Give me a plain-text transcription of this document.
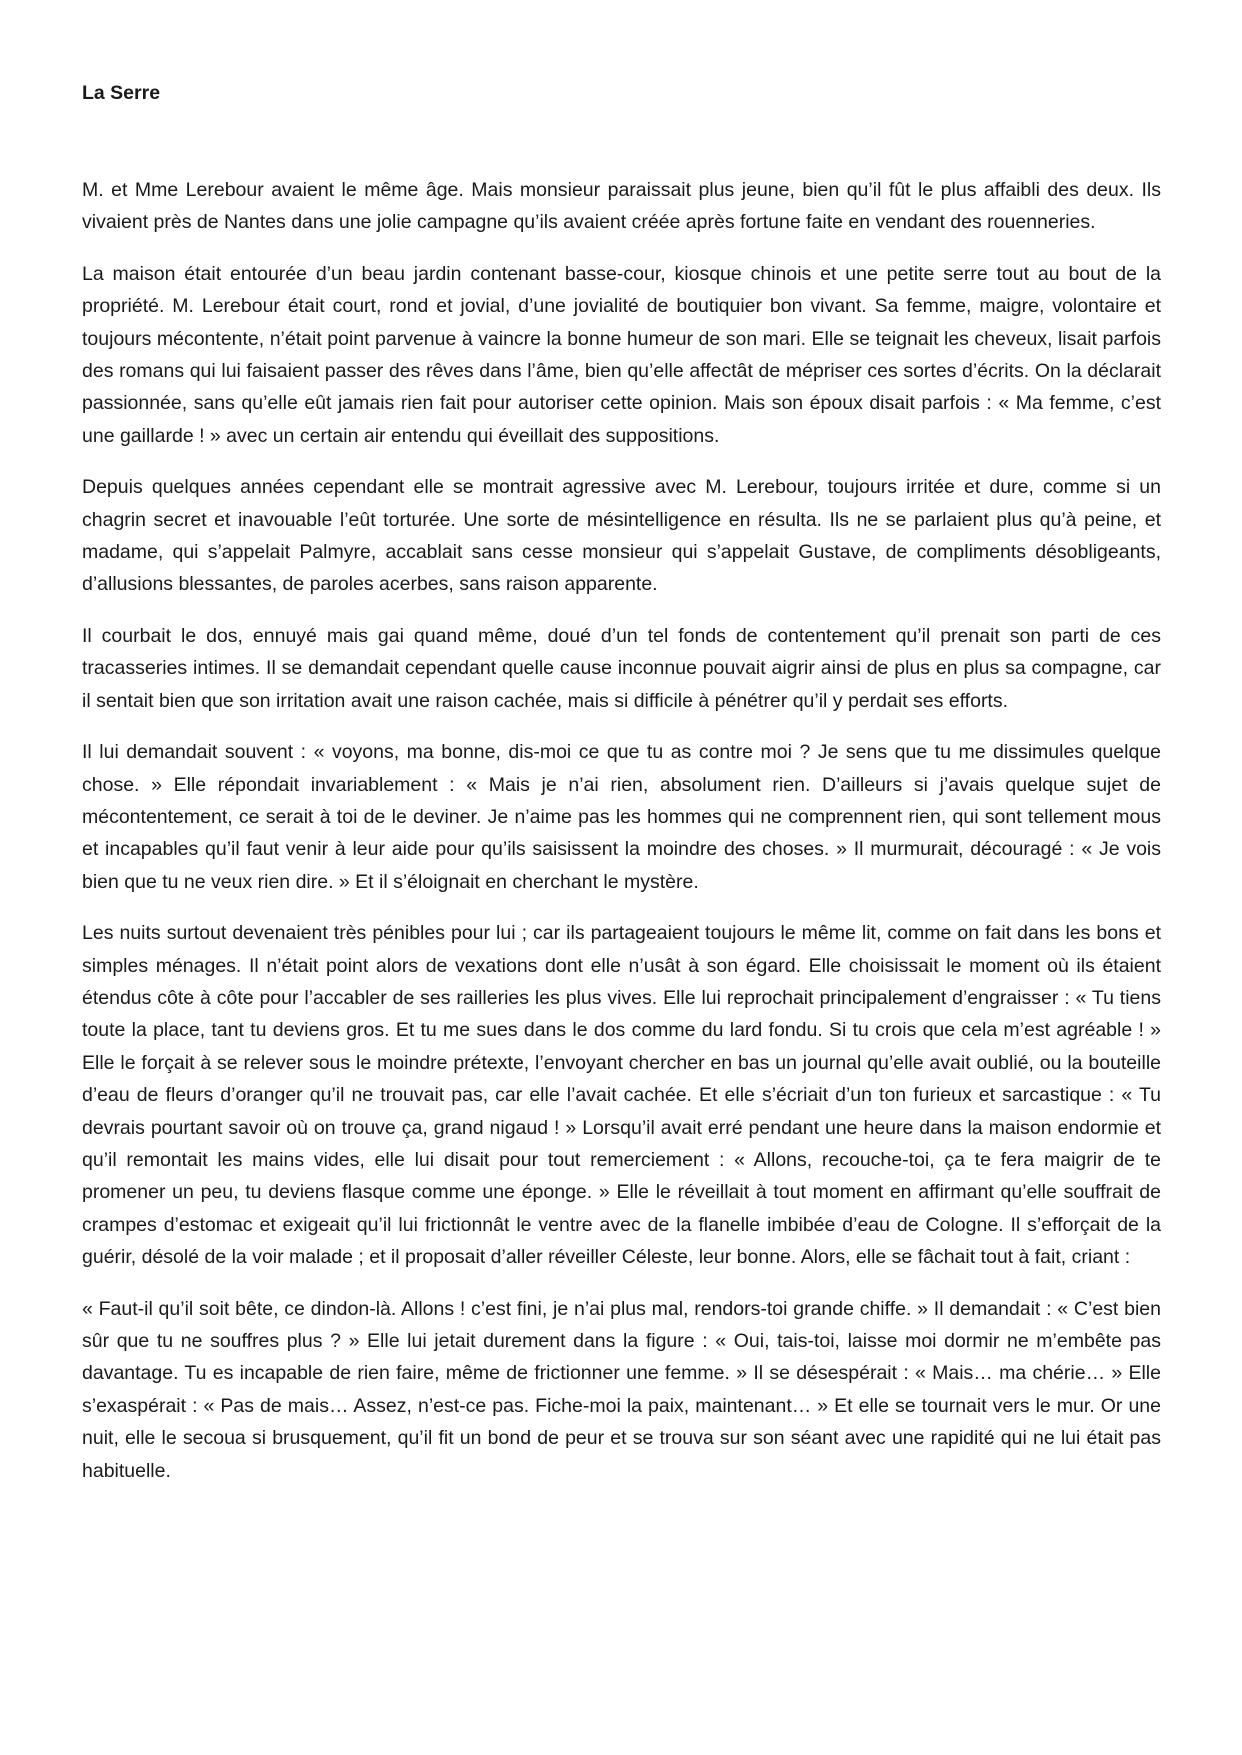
La Serre

M. et Mme Lerebour avaient le même âge. Mais monsieur paraissait plus jeune, bien qu’il fût le plus affaibli des deux. Ils vivaient près de Nantes dans une jolie campagne qu’ils avaient créée après fortune faite en vendant des rouenneries.

La maison était entourée d’un beau jardin contenant basse-cour, kiosque chinois et une petite serre tout au bout de la propriété. M. Lerebour était court, rond et jovial, d’une jovialité de boutiquier bon vivant. Sa femme, maigre, volontaire et toujours mécontente, n’était point parvenue à vaincre la bonne humeur de son mari. Elle se teignait les cheveux, lisait parfois des romans qui lui faisaient passer des rêves dans l’âme, bien qu’elle affectât de mépriser ces sortes d’écrits. On la déclarait passionnée, sans qu’elle eût jamais rien fait pour autoriser cette opinion. Mais son époux disait parfois : « Ma femme, c’est une gaillarde ! » avec un certain air entendu qui éveillait des suppositions.

Depuis quelques années cependant elle se montrait agressive avec M. Lerebour, toujours irritée et dure, comme si un chagrin secret et inavouable l’eût torturée. Une sorte de mésintelligence en résulta. Ils ne se parlaient plus qu’à peine, et madame, qui s’appelait Palmyre, accablait sans cesse monsieur qui s’appelait Gustave, de compliments désobligeants, d’allusions blessantes, de paroles acerbes, sans raison apparente.

Il courbait le dos, ennuyé mais gai quand même, doué d’un tel fonds de contentement qu’il prenait son parti de ces tracasseries intimes. Il se demandait cependant quelle cause inconnue pouvait aigrir ainsi de plus en plus sa compagne, car il sentait bien que son irritation avait une raison cachée, mais si difficile à pénétrer qu’il y perdait ses efforts.

Il lui demandait souvent : « voyons, ma bonne, dis-moi ce que tu as contre moi ? Je sens que tu me dissimules quelque chose. » Elle répondait invariablement : « Mais je n’ai rien, absolument rien. D’ailleurs si j’avais quelque sujet de mécontentement, ce serait à toi de le deviner. Je n’aime pas les hommes qui ne comprennent rien, qui sont tellement mous et incapables qu’il faut venir à leur aide pour qu’ils saisissent la moindre des choses. » Il murmurait, découragé : « Je vois bien que tu ne veux rien dire. » Et il s’éloignait en cherchant le mystère.

Les nuits surtout devenaient très pénibles pour lui ; car ils partageaient toujours le même lit, comme on fait dans les bons et simples ménages. Il n’était point alors de vexations dont elle n’usât à son égard. Elle choisissait le moment où ils étaient étendus côte à côte pour l’accabler de ses railleries les plus vives. Elle lui reprochait principalement d’engraisser : « Tu tiens toute la place, tant tu deviens gros. Et tu me sues dans le dos comme du lard fondu. Si tu crois que cela m’est agréable ! » Elle le forçait à se relever sous le moindre prétexte, l’envoyant chercher en bas un journal qu’elle avait oublié, ou la bouteille d’eau de fleurs d’oranger qu’il ne trouvait pas, car elle l’avait cachée. Et elle s’écriait d’un ton furieux et sarcastique : « Tu devrais pourtant savoir où on trouve ça, grand nigaud ! » Lorsqu’il avait erré pendant une heure dans la maison endormie et qu’il remontait les mains vides, elle lui disait pour tout remerciement : « Allons, recouche-toi, ça te fera maigrir de te promener un peu, tu deviens flasque comme une éponge. » Elle le réveillait à tout moment en affirmant qu’elle souffrait de crampes d’estomac et exigeait qu’il lui frictionnât le ventre avec de la flanelle imbibée d’eau de Cologne. Il s’efforçait de la guérir, désolé de la voir malade ; et il proposait d’aller réveiller Céleste, leur bonne. Alors, elle se fâchait tout à fait, criant :

« Faut-il qu’il soit bête, ce dindon-là. Allons ! c’est fini, je n’ai plus mal, rendors-toi grande chiffe. » Il demandait : « C’est bien sûr que tu ne souffres plus ? » Elle lui jetait durement dans la figure : « Oui, tais-toi, laisse moi dormir ne m’embête pas davantage. Tu es incapable de rien faire, même de frictionner une femme. » Il se désespérait : « Mais… ma chérie… » Elle s’exaspérait : « Pas de mais… Assez, n’est-ce pas. Fiche-moi la paix, maintenant… » Et elle se tournait vers le mur. Or une nuit, elle le secoua si brusquement, qu’il fit un bond de peur et se trouva sur son séant avec une rapidité qui ne lui était pas habituelle.
